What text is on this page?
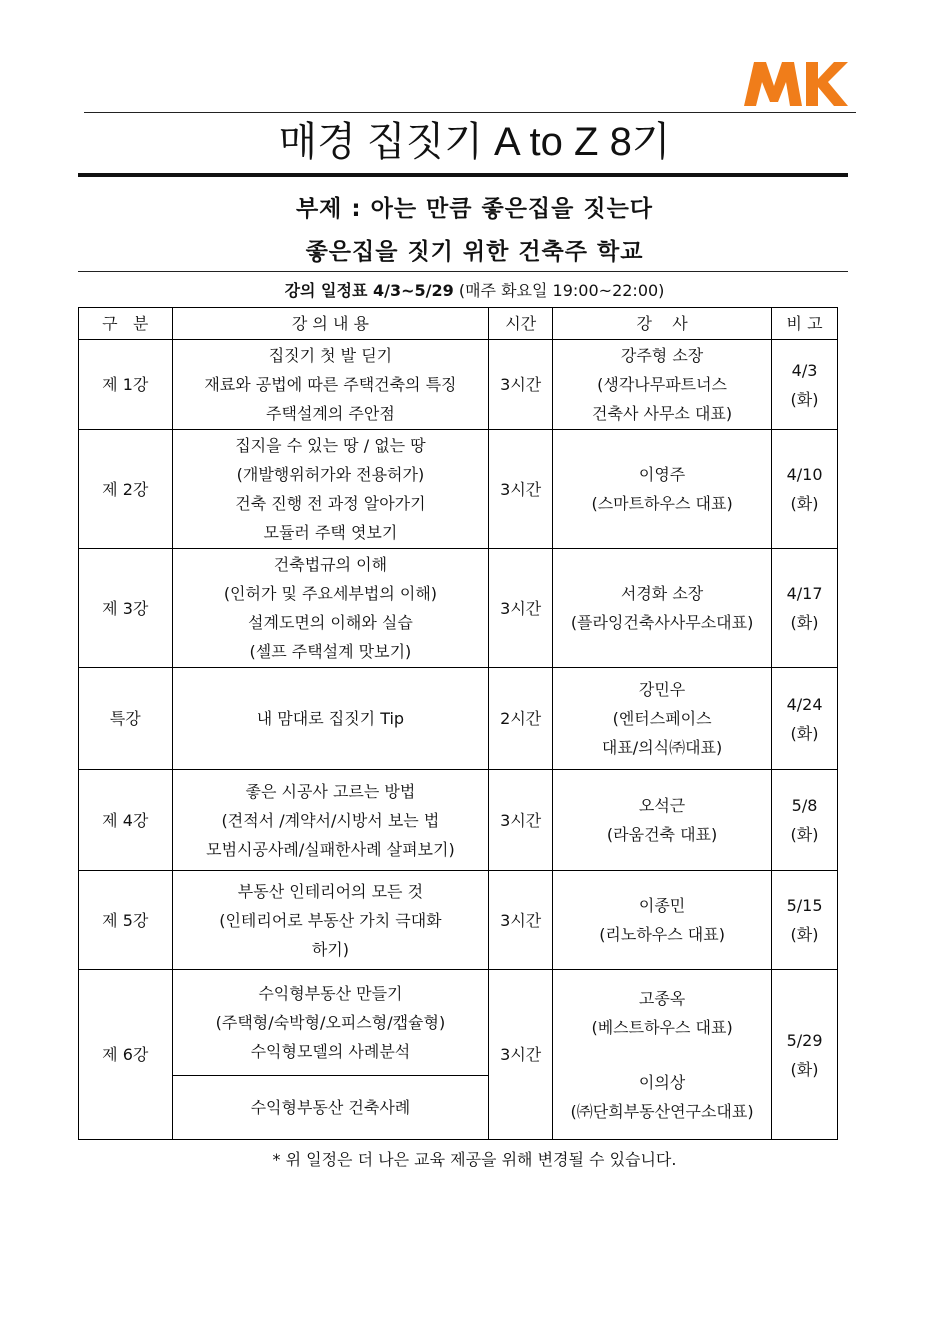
매경 집짓기 A to Z 8기
부제 : 아는 만큼 좋은집을 짓는다
좋은집을 짓기 위한 건축주 학교
강의 일정표 4/3~5/29 (매주 화요일 19:00~22:00)
구   분	강 의 내 용	시간	강    사	비 고
제 1강	집짓기 첫 발 딛기
재료와 공법에 따른 주택건축의 특징
주택설계의 주안점	3시간	강주형 소장
(생각나무파트너스
건축사 사무소 대표)	4/3
(화)

제 2강	집지을 수 있는 땅 / 없는 땅
(개발행위허가와 전용허가)
건축 진행 전 과정 알아가기
모듈러 주택 엿보기	3시간	이영주
(스마트하우스 대표)	4/10
(화)

제 3강	건축법규의 이해
(인허가 및 주요세부법의 이해)
설계도면의 이해와 실습
(셀프 주택설계 맛보기)	3시간	서경화 소장
(플라잉건축사사무소대표)	4/17
(화)

특강	내 맘대로 집짓기 Tip	2시간	강민우
(엔터스페이스
대표/의식㈜대표)	4/24
(화)

제 4강	좋은 시공사 고르는 방법
(견적서 /계약서/시방서 보는 법
모범시공사례/실패한사례 살펴보기)	3시간	오석근
(라움건축 대표)	5/8
(화)

제 5강	부동산 인테리어의 모든 것
(인테리어로 부동산 가치 극대화
하기)	3시간	이종민
(리노하우스 대표)	5/15
(화)

제 6강	수익형부동산 만들기
(주택형/숙박형/오피스형/캡슐형)
수익형모델의 사례분석	3시간	고종옥
(베스트하우스 대표)
이의상
(㈜단희부동산연구소대표)	5/29
(화)

	수익형부동산 건축사례			
* 위 일정은 더 나은 교육 제공을 위해 변경될 수 있습니다.
